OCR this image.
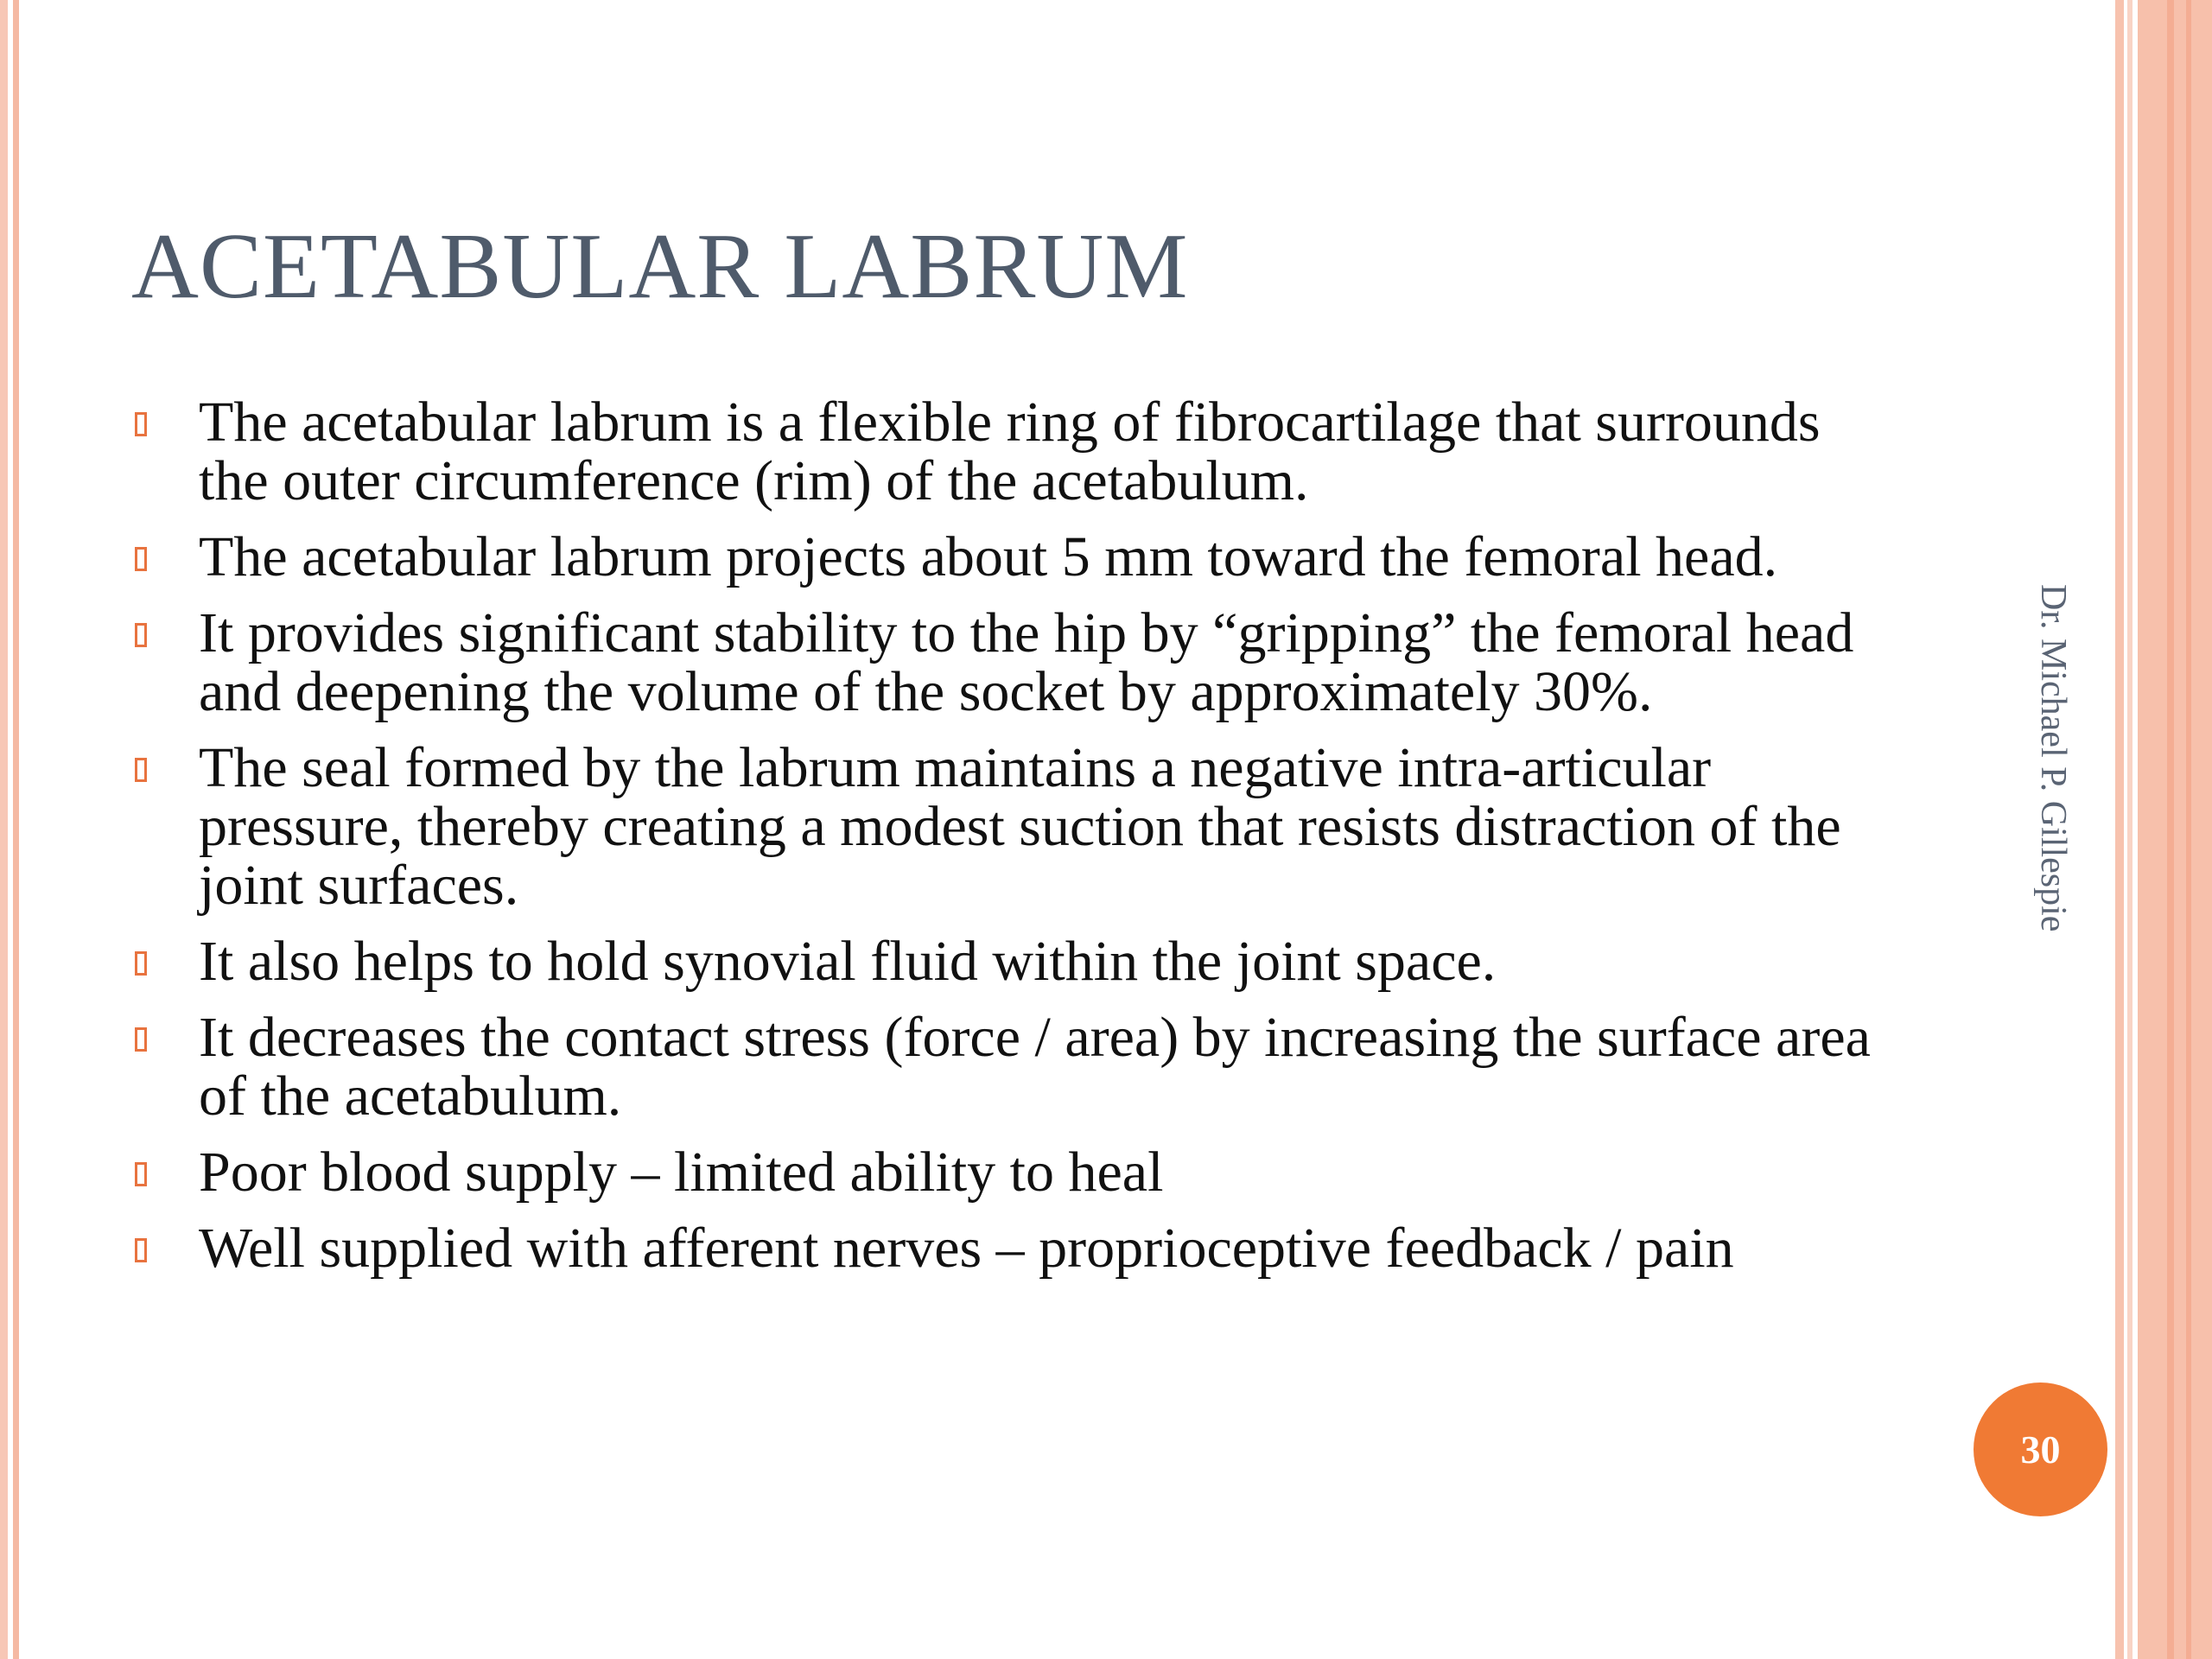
ACETABULAR LABRUM
The acetabular labrum is a flexible ring of fibrocartilage that surrounds the outer circumference (rim) of the acetabulum.
The acetabular labrum projects about 5 mm toward the femoral head.
It provides significant stability to the hip by “gripping” the femoral head and deepening the volume of the socket by approximately 30%.
The seal formed by the labrum maintains a negative intra-articular pressure, thereby creating a modest suction that resists distraction of the joint surfaces.
It also helps to hold synovial fluid within the joint space.
It decreases the contact stress (force / area) by increasing the surface area of the acetabulum.
Poor blood supply – limited ability to heal
Well supplied with afferent nerves – proprioceptive feedback / pain
Dr. Michael P. Gillespie
30
